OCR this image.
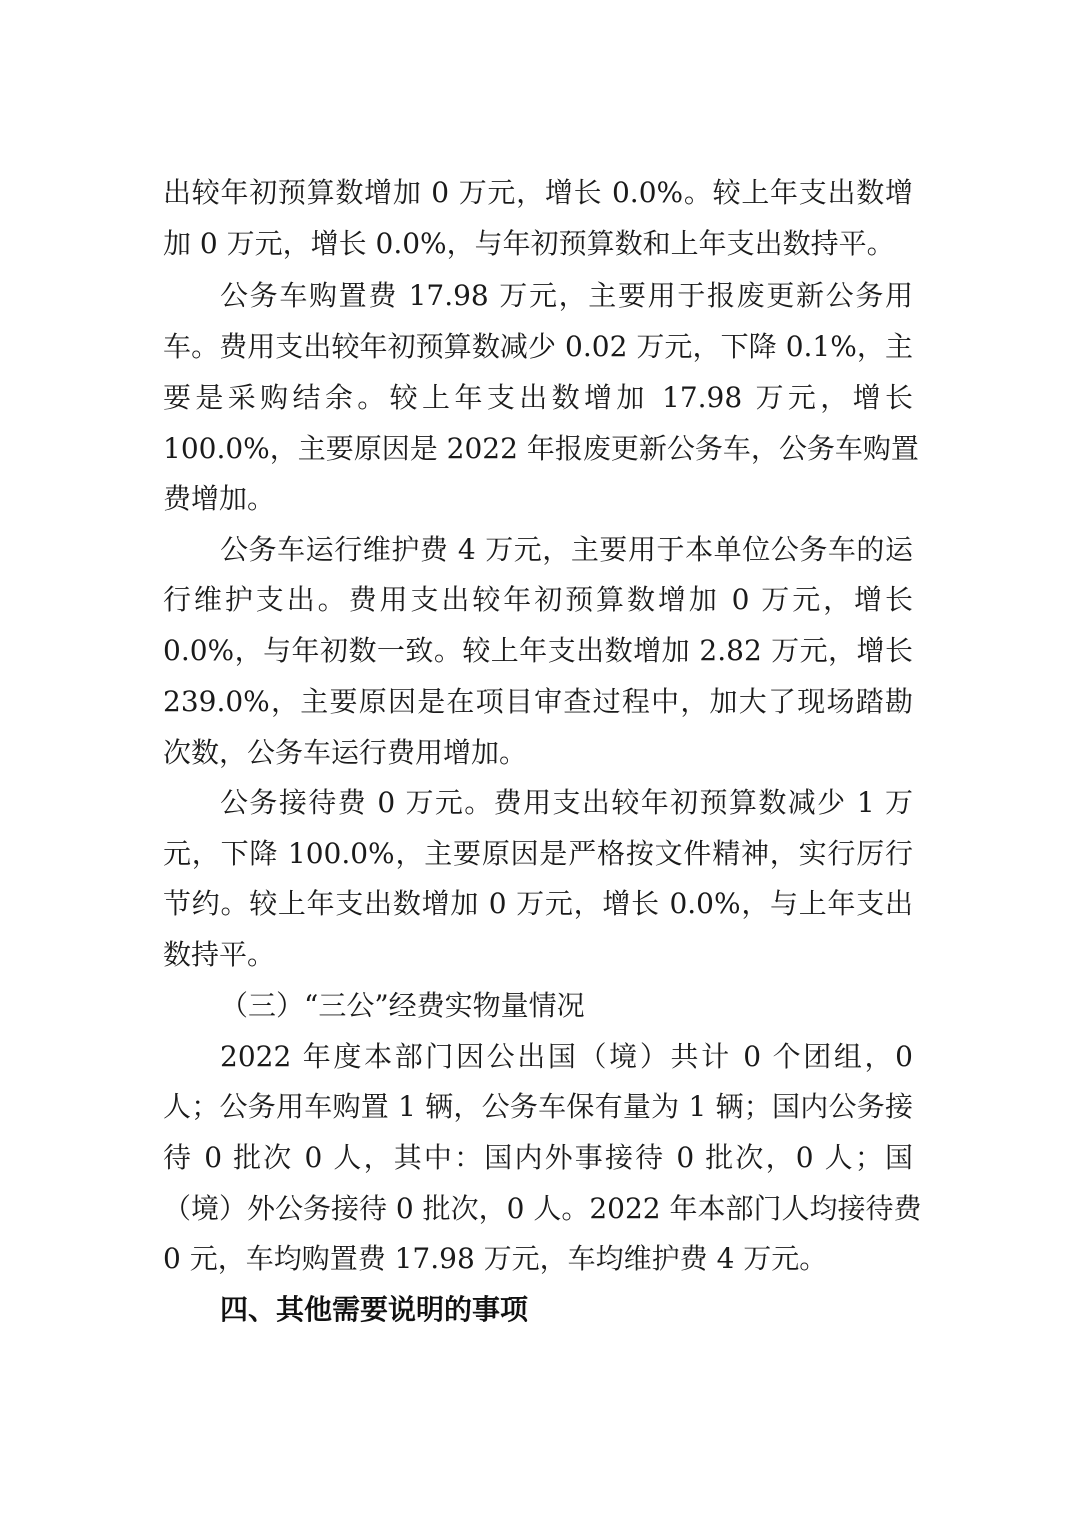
出较年初预算数增加 0 万元，增长 0.0%。较上年支出数增
加 0 万元，增长 0.0%，与年初预算数和上年支出数持平。
公务车购置费 17.98 万元，主要用于报废更新公务用
车。费用支出较年初预算数减少 0.02 万元，下降 0.1%，主
要是采购结余。较上年支出数增加 17.98 万元，增长
100.0%，主要原因是 2022 年报废更新公务车，公务车购置
费增加。
公务车运行维护费 4 万元，主要用于本单位公务车的运
行维护支出。费用支出较年初预算数增加 0 万元，增长
0.0%，与年初数一致。较上年支出数增加 2.82 万元，增长
239.0%，主要原因是在项目审查过程中，加大了现场踏勘
次数，公务车运行费用增加。
公务接待费 0 万元。费用支出较年初预算数减少 1 万
元，下降 100.0%，主要原因是严格按文件精神，实行厉行
节约。较上年支出数增加 0 万元，增长 0.0%，与上年支出
数持平。
（三）“三公”经费实物量情况
2022 年度本部门因公出国（境）共计 0 个团组，0
人；公务用车购置 1 辆，公务车保有量为 1 辆；国内公务接
待 0 批次 0 人，其中：国内外事接待 0 批次，0 人；国
（境）外公务接待 0 批次，0 人。2022 年本部门人均接待费
0 元，车均购置费 17.98 万元，车均维护费 4 万元。
四、其他需要说明的事项
